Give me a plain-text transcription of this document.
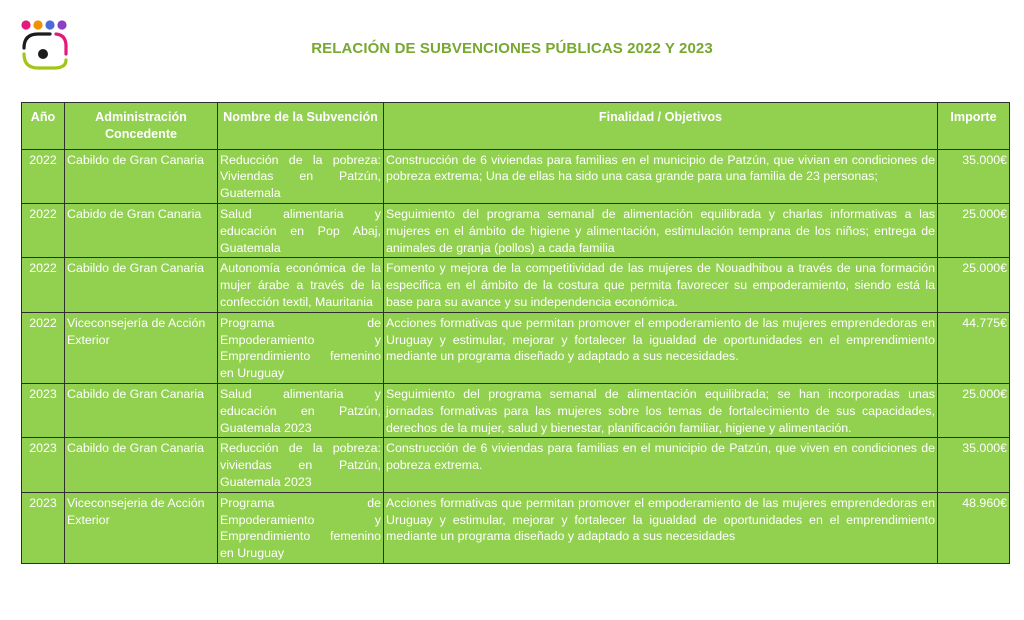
RELACIÓN DE SUBVENCIONES PÚBLICAS 2022 Y 2023
Año	Administración Concedente	Nombre de la Subvención	Finalidad / Objetivos	Importe
2022	Cabildo de Gran Canaria	Reducción de la pobreza: Viviendas en Patzún, Guatemala	Construcción de 6 viviendas para familias en el municipio de Patzún, que vivian en condiciones de pobreza extrema; Una de ellas ha sido una casa grande para una familia de 23 personas;	35.000€
2022	Cabido de Gran Canaria	Salud alimentaria y educación en Pop Abaj, Guatemala	Seguimiento del programa semanal de alimentación equilibrada y charlas informativas a las mujeres en el ámbito de higiene y alimentación, estimulación temprana de los niños; entrega de animales de granja (pollos) a cada familia	25.000€
2022	Cabildo de Gran Canaria	Autonomía económica de la mujer árabe a través de la confección textil, Mauritania	Fomento y mejora de la competitividad de las mujeres de Nouadhibou a través de una formación especifica en el ámbito de la costura que permita favorecer su empoderamiento, siendo está la base para su avance y su independencia económica.	25.000€
2022	Viceconsejería de Acción Exterior	Programa de Empoderamiento y Emprendimiento femenino en Uruguay	Acciones formativas que permitan promover el empoderamiento de las mujeres emprendedoras en Uruguay y estimular, mejorar y fortalecer la igualdad de oportunidades en el emprendimiento mediante un programa diseñado y adaptado a sus necesidades.	44.775€
2023	Cabildo de Gran Canaria	Salud alimentaria y educación en Patzún, Guatemala 2023	Seguimiento del programa semanal de alimentación equilibrada; se han incorporadas unas jornadas formativas para las mujeres sobre los temas de fortalecimiento de sus capacidades, derechos de la mujer, salud y bienestar, planificación familiar, higiene y alimentación.	25.000€
2023	Cabildo de Gran Canaria	Reducción de la pobreza: viviendas en Patzún, Guatemala 2023	Construcción de 6 viviendas para familias en el municipio de Patzún, que viven en condiciones de pobreza extrema.	35.000€
2023	Viceconsejeria de Acción Exterior	Programa de Empoderamiento y Emprendimiento femenino en Uruguay	Acciones formativas que permitan promover el empoderamiento de las mujeres emprendedoras en Uruguay y estimular, mejorar y fortalecer la igualdad de oportunidades en el emprendimiento mediante un programa diseñado y adaptado a sus necesidades	48.960€
